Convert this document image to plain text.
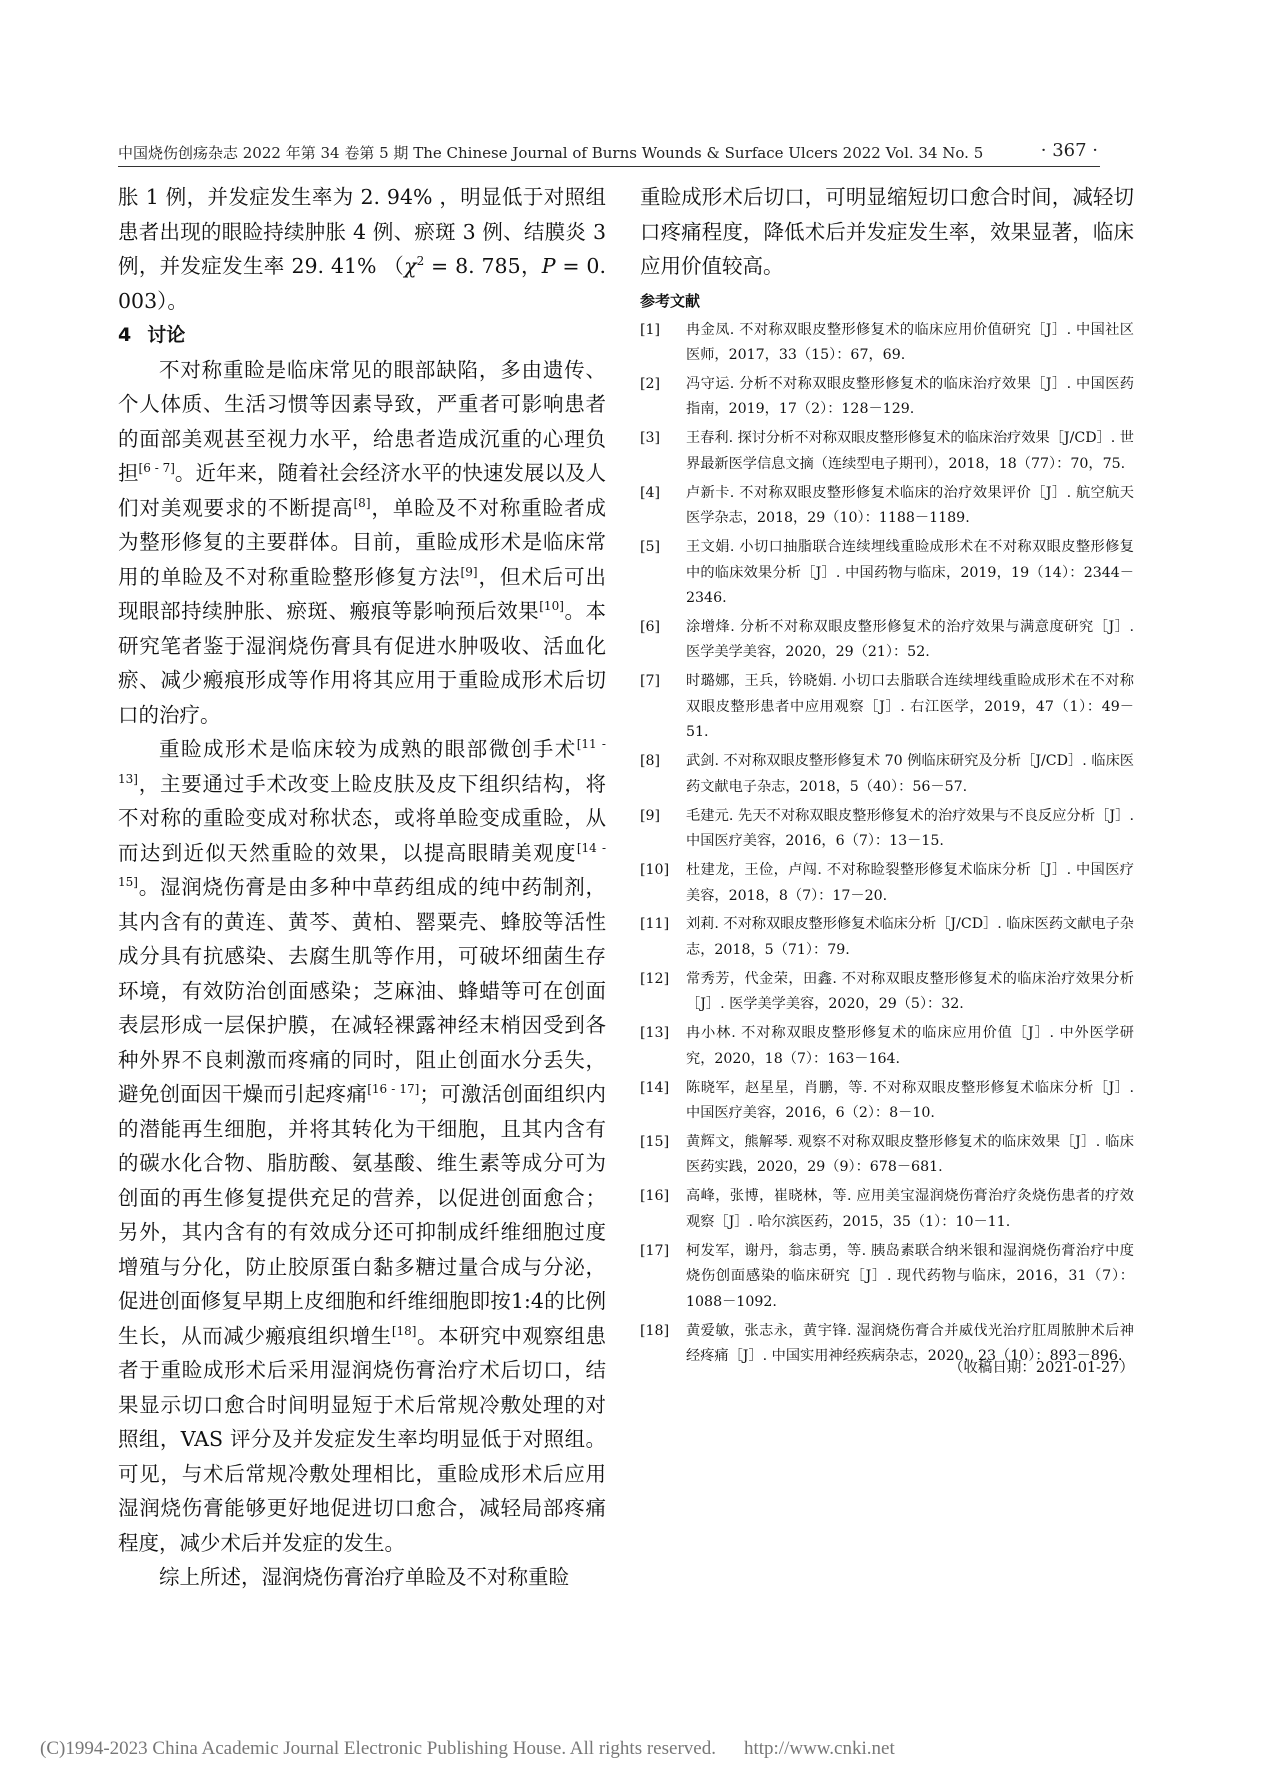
中国烧伤创疡杂志 2022 年第 34 卷第 5 期 The Chinese Journal of Burns Wounds & Surface Ulcers 2022 Vol. 34 No. 5	· 367 ·

胀 1 例，并发症发生率为 2. 94% ，明显低于对照组患者出现的眼睑持续肿胀 4 例、瘀斑 3 例、结膜炎 3 例，并发症发生率 29. 41% （$\chi^2 = 8$. 785，P = 0. 003）。

4 讨论

不对称重睑是临床常见的眼部缺陷，多由遗传、个人体质、生活习惯等因素导致，严重者可影响患者的面部美观甚至视力水平，给患者造成沉重的心理负担[6 - 7]。近年来，随着社会经济水平的快速发展以及人们对美观要求的不断提高[8]，单睑及不对称重睑者成为整形修复的主要群体。目前，重睑成形术是临床常用的单睑及不对称重睑整形修复方法[9]，但术后可出现眼部持续肿胀、瘀斑、瘢痕等影响预后效果[10]。本研究笔者鉴于湿润烧伤膏具有促进水肿吸收、活血化瘀、减少瘢痕形成等作用将其应用于重睑成形术后切口的治疗。

重睑成形术是临床较为成熟的眼部微创手术[11 - 13]，主要通过手术改变上睑皮肤及皮下组织结构，将不对称的重睑变成对称状态，或将单睑变成重睑，从而达到近似天然重睑的效果，以提高眼睛美观度[14 - 15]。湿润烧伤膏是由多种中草药组成的纯中药制剂，其内含有的黄连、黄芩、黄柏、罂粟壳、蜂胶等活性成分具有抗感染、去腐生肌等作用，可破坏细菌生存环境，有效防治创面感染；芝麻油、蜂蜡等可在创面表层形成一层保护膜，在减轻裸露神经末梢因受到各种外界不良刺激而疼痛的同时，阻止创面水分丢失，避免创面因干燥而引起疼痛[16 - 17]；可激活创面组织内的潜能再生细胞，并将其转化为干细胞，且其内含有的碳水化合物、脂肪酸、氨基酸、维生素等成分可为创面的再生修复提供充足的营养，以促进创面愈合；另外，其内含有的有效成分还可抑制成纤维细胞过度增殖与分化，防止胶原蛋白黏多糖过量合成与分泌，促进创面修复早期上皮细胞和纤维细胞即按1:4的比例生长，从而减少瘢痕组织增生[18]。本研究中观察组患者于重睑成形术后采用湿润烧伤膏治疗术后切口，结果显示切口愈合时间明显短于术后常规冷敷处理的对照组，VAS 评分及并发症发生率均明显低于对照组。可见，与术后常规冷敷处理相比，重睑成形术后应用湿润烧伤膏能够更好地促进切口愈合，减轻局部疼痛程度，减少术后并发症的发生。

综上所述，湿润烧伤膏治疗单睑及不对称重睑

重睑成形术后切口，可明显缩短切口愈合时间，减轻切口疼痛程度，降低术后并发症发生率，效果显著，临床应用价值较高。

参考文献

[1]	冉金凤. 不对称双眼皮整形修复术的临床应用价值研究［J］. 中国社区医师，2017，33（15）：67，69.
[2]	冯守运. 分析不对称双眼皮整形修复术的临床治疗效果［J］. 中国医药指南，2019，17（2）：128－129.
[3]	王春利. 探讨分析不对称双眼皮整形修复术的临床治疗效果［J/CD］. 世界最新医学信息文摘（连续型电子期刊），2018，18（77）：70，75.
[4]	卢新卡. 不对称双眼皮整形修复术临床的治疗效果评价［J］. 航空航天医学杂志，2018，29（10）：1188－1189.
[5]	王文娟. 小切口抽脂联合连续埋线重睑成形术在不对称双眼皮整形修复中的临床效果分析［J］. 中国药物与临床，2019，19（14）：2344－2346.
[6]	涂增烽. 分析不对称双眼皮整形修复术的治疗效果与满意度研究［J］. 医学美学美容，2020，29（21）：52.
[7]	时璐娜，王兵，钤晓娟. 小切口去脂联合连续埋线重睑成形术在不对称双眼皮整形患者中应用观察［J］. 右江医学，2019，47（1）：49－51.
[8]	武剑. 不对称双眼皮整形修复术 70 例临床研究及分析［J/CD］. 临床医药文献电子杂志，2018，5（40）：56－57.
[9]	毛建元. 先天不对称双眼皮整形修复术的治疗效果与不良反应分析［J］. 中国医疗美容，2016，6（7）：13－15.
[10]	杜建龙，王俭，卢闯. 不对称睑裂整形修复术临床分析［J］. 中国医疗美容，2018，8（7）：17－20.
[11]	刘莉. 不对称双眼皮整形修复术临床分析［J/CD］. 临床医药文献电子杂志，2018，5（71）：79.
[12]	常秀芳，代金荣，田鑫. 不对称双眼皮整形修复术的临床治疗效果分析［J］. 医学美学美容，2020，29（5）：32.
[13]	冉小林. 不对称双眼皮整形修复术的临床应用价值［J］. 中外医学研究，2020，18（7）：163－164.
[14]	陈晓军，赵星星，肖鹏，等. 不对称双眼皮整形修复术临床分析［J］. 中国医疗美容，2016，6（2）：8－10.
[15]	黄辉文，熊解琴. 观察不对称双眼皮整形修复术的临床效果［J］. 临床医药实践，2020，29（9）：678－681.
[16]	高峰，张博，崔晓林，等. 应用美宝湿润烧伤膏治疗灸烧伤患者的疗效观察［J］. 哈尔滨医药，2015，35（1）：10－11.
[17]	柯发军，谢丹，翁志勇，等. 胰岛素联合纳米银和湿润烧伤膏治疗中度烧伤创面感染的临床研究［J］. 现代药物与临床，2016，31（7）：1088－1092.
[18]	黄爱敏，张志永，黄宇锋. 湿润烧伤膏合并威伐光治疗肛周脓肿术后神经疼痛［J］. 中国实用神经疾病杂志，2020，23（10）：893－896.
（收稿日期：2021-01-27）
(C)1994-2023 China Academic Journal Electronic Publishing House. All rights reserved. http://www.cnki.net
